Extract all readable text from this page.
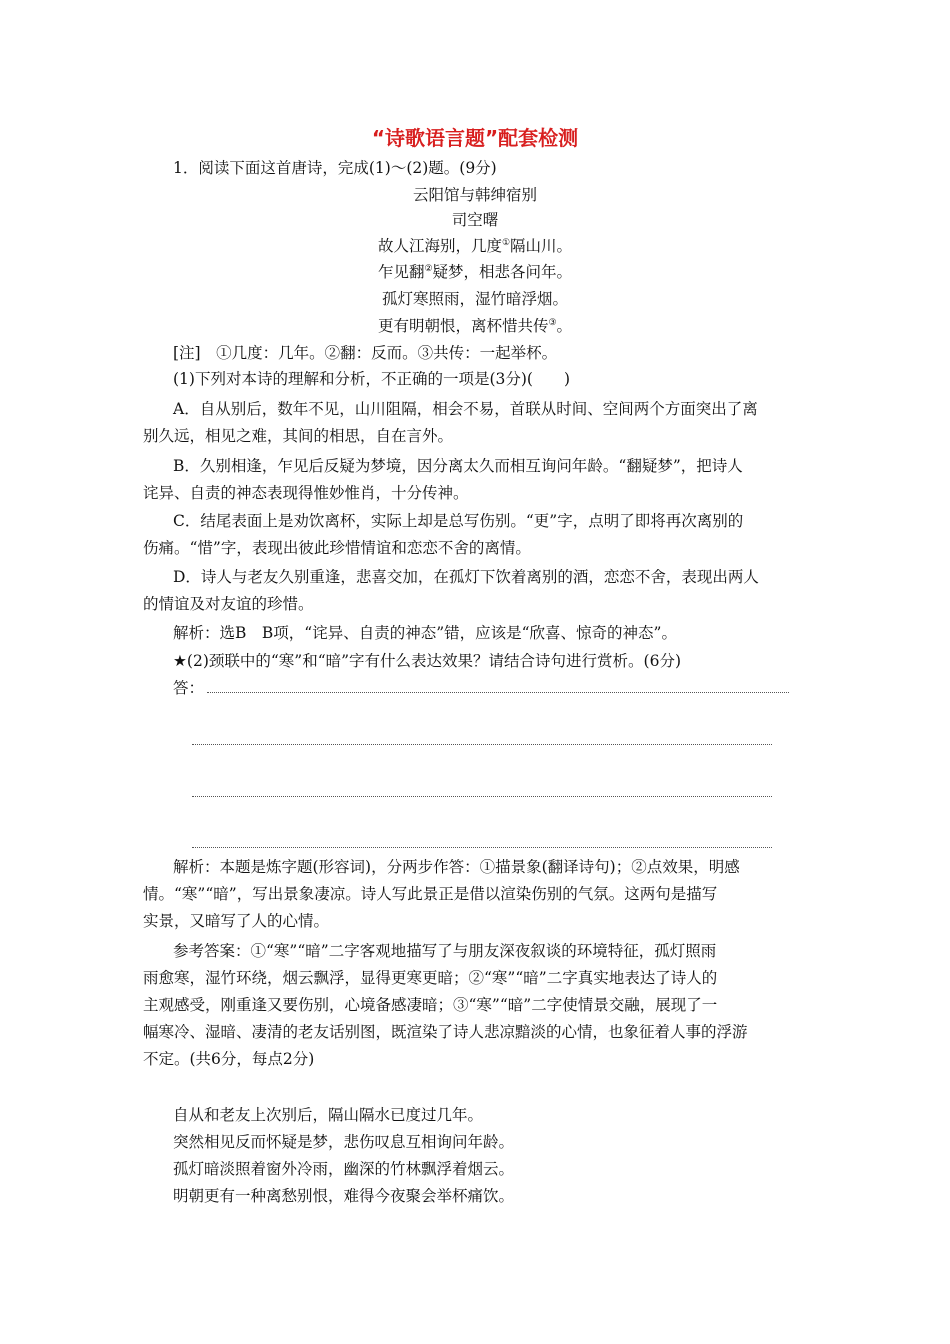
“诗歌语言题”配套检测
1．阅读下面这首唐诗，完成(1)～(2)题。(9分)
云阳馆与韩绅宿别
司空曙
故人江海别，几度①隔山川。
乍见翻②疑梦，相悲各问年。
孤灯寒照雨，湿竹暗浮烟。
更有明朝恨，离杯惜共传③。
[注]　①几度：几年。②翻：反而。③共传：一起举杯。
(1)下列对本诗的理解和分析，不正确的一项是(3分)(　　)
A．自从别后，数年不见，山川阻隔，相会不易，首联从时间、空间两个方面突出了离
别久远，相见之难，其间的相思，自在言外。
B．久别相逢，乍见后反疑为梦境，因分离太久而相互询问年龄。“翻疑梦”，把诗人
诧异、自责的神态表现得惟妙惟肖，十分传神。
C．结尾表面上是劝饮离杯，实际上却是总写伤别。“更”字，点明了即将再次离别的
伤痛。“惜”字，表现出彼此珍惜情谊和恋恋不舍的离情。
D．诗人与老友久别重逢，悲喜交加，在孤灯下饮着离别的酒，恋恋不舍，表现出两人
的情谊及对友谊的珍惜。
解析：选B　B项，“诧异、自责的神态”错，应该是“欣喜、惊奇的神态”。
★(2)颈联中的“寒”和“暗”字有什么表达效果？请结合诗句进行赏析。(6分)
答：
解析：本题是炼字题(形容词)，分两步作答：①描景象(翻译诗句)；②点效果，明感
情。“寒”“暗”，写出景象凄凉。诗人写此景正是借以渲染伤别的气氛。这两句是描写
实景，又暗写了人的心情。
参考答案：①“寒”“暗”二字客观地描写了与朋友深夜叙谈的环境特征，孤灯照雨
雨愈寒，湿竹环绕，烟云飘浮，显得更寒更暗；②“寒”“暗”二字真实地表达了诗人的
主观感受，刚重逢又要伤别，心境备感凄暗；③“寒”“暗”二字使情景交融，展现了一
幅寒冷、湿暗、凄清的老友话别图，既渲染了诗人悲凉黯淡的心情，也象征着人事的浮游
不定。(共6分，每点2分)
自从和老友上次别后，隔山隔水已度过几年。
突然相见反而怀疑是梦，悲伤叹息互相询问年龄。
孤灯暗淡照着窗外冷雨，幽深的竹林飘浮着烟云。
明朝更有一种离愁别恨，难得今夜聚会举杯痛饮。
